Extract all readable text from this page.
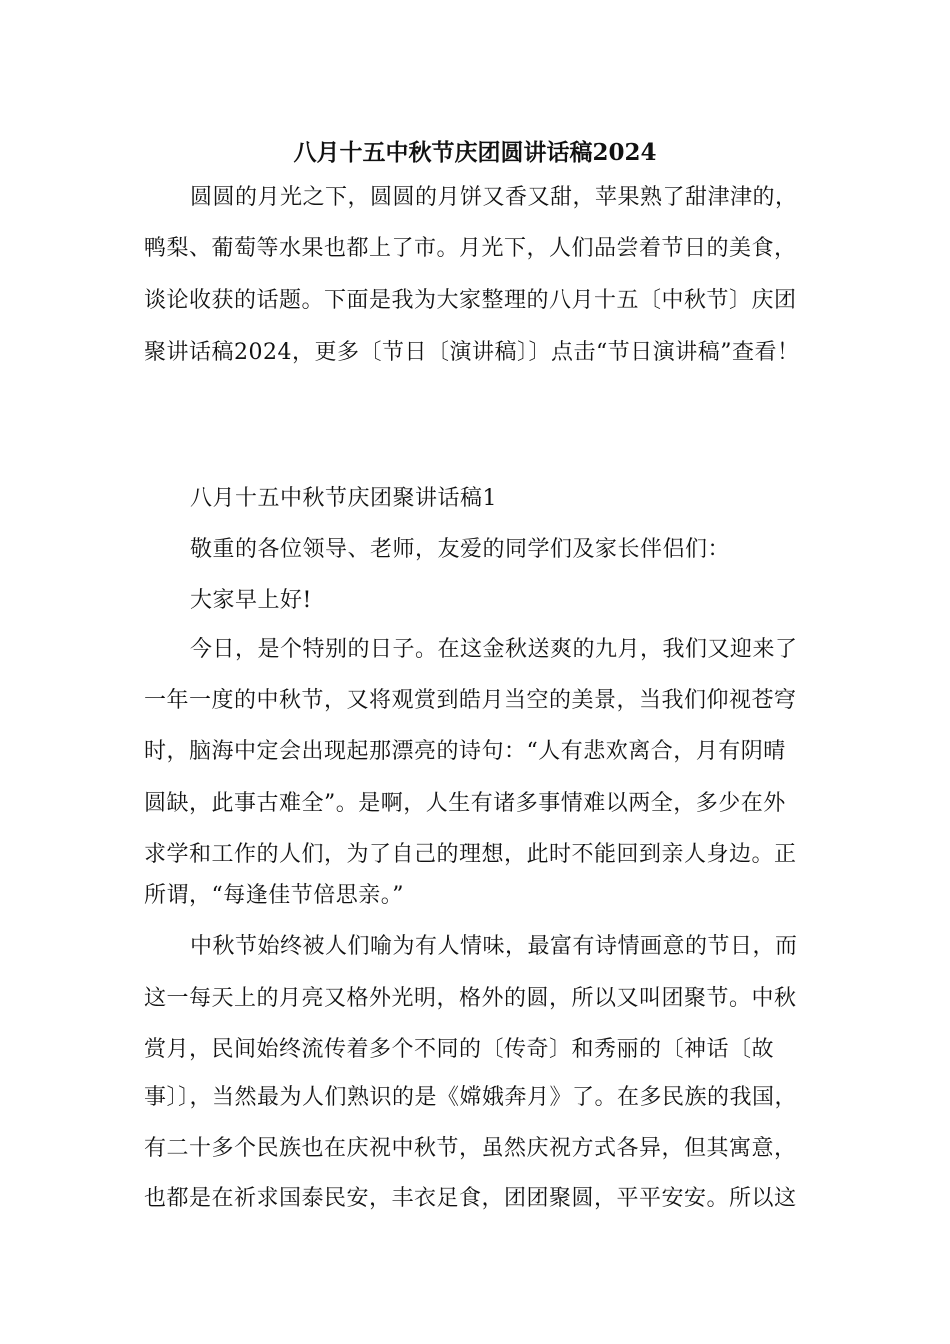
八月十五中秋节庆团圆讲话稿2024
圆圆的月光之下，圆圆的月饼又香又甜，苹果熟了甜津津的，
鸭梨、葡萄等水果也都上了市。月光下，人们品尝着节日的美食，
谈论收获的话题。下面是我为大家整理的八月十五〔中秋节〕庆团
聚讲话稿2024，更多〔节日〔演讲稿〕〕点击“节日演讲稿”查看！
八月十五中秋节庆团聚讲话稿1
敬重的各位领导、老师，友爱的同学们及家长伴侣们：
大家早上好!
今日，是个特别的日子。在这金秋送爽的九月，我们又迎来了
一年一度的中秋节，又将观赏到皓月当空的美景，当我们仰视苍穹
时，脑海中定会出现起那漂亮的诗句：“人有悲欢离合，月有阴晴
圆缺，此事古难全”。是啊，人生有诸多事情难以两全，多少在外
求学和工作的人们，为了自己的理想，此时不能回到亲人身边。正
所谓，“每逢佳节倍思亲。”
中秋节始终被人们喻为有人情味，最富有诗情画意的节日，而
这一每天上的月亮又格外光明，格外的圆，所以又叫团聚节。中秋
赏月，民间始终流传着多个不同的〔传奇〕和秀丽的〔神话〔故
事〕〕，当然最为人们熟识的是《嫦娥奔月》了。在多民族的我国，
有二十多个民族也在庆祝中秋节，虽然庆祝方式各异，但其寓意，
也都是在祈求国泰民安，丰衣足食，团团聚圆，平平安安。所以这
